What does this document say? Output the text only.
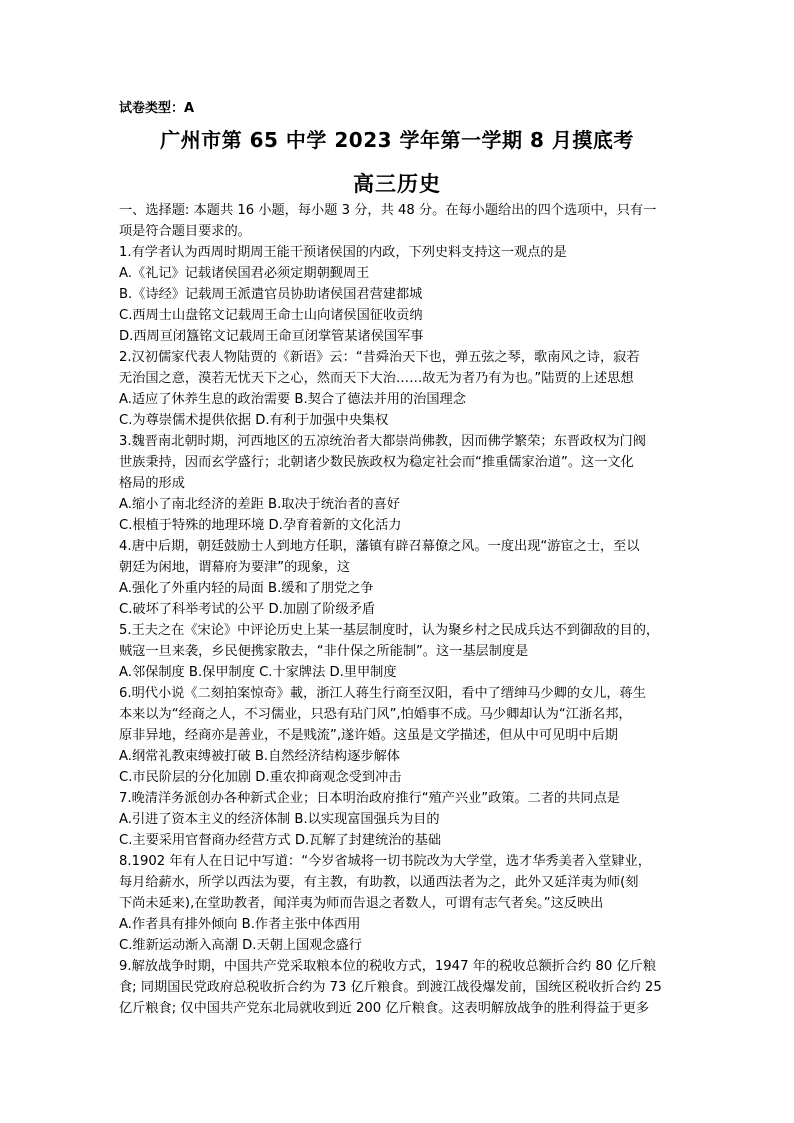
试卷类型：A
广州市第 65 中学 2023 学年第一学期 8 月摸底考
高三历史
一、选择题: 本题共 16 小题，每小题 3 分，共 48 分。在每小题给出的四个选项中，只有一
项是符合题目要求的。
1.有学者认为西周时期周王能干预诸侯国的内政，下列史料支持这一观点的是
A.《礼记》记载诸侯国君必须定期朝觐周王
B.《诗经》记载周王派遣官员协助诸侯国君营建都城
C.西周士山盘铭文记载周王命士山向诸侯国征收贡纳
D.西周亘闭簋铭文记载周王命亘闭掌管某诸侯国军事
2.汉初儒家代表人物陆贾的《新语》云：“昔舜治天下也，弹五弦之琴，歌南风之诗，寂若
无治国之意，漠若无忧天下之心，然而天下大治……故无为者乃有为也。”陆贾的上述思想
A.适应了休养生息的政治需要 B.契合了德法并用的治国理念
C.为尊崇儒术提供依据 D.有利于加强中央集权
3.魏晋南北朝时期，河西地区的五凉统治者大都崇尚佛教，因而佛学繁荣；东晋政权为门阀
世族秉持，因而玄学盛行；北朝诸少数民族政权为稳定社会而“推重儒家治道”。这一文化
格局的形成
A.缩小了南北经济的差距 B.取决于统治者的喜好
C.根植于特殊的地理环境 D.孕育着新的文化活力
4.唐中后期，朝廷鼓励士人到地方任职，藩镇有辟召幕僚之风。一度出现“游宦之士，至以
朝廷为闲地，谓幕府为要津”的现象，这
A.强化了外重内轻的局面 B.缓和了朋党之争
C.破坏了科举考试的公平 D.加剧了阶级矛盾
5.王夫之在《宋论》中评论历史上某一基层制度时，认为聚乡村之民成兵达不到御敌的目的，
贼寇一旦来袭，乡民便携家散去，“非什保之所能制”。这一基层制度是
A.邻保制度 B.保甲制度 C.十家牌法 D.里甲制度
6.明代小说《二刻拍案惊奇》載，浙江人蒋生行商至汉阳，看中了缙绅马少卿的女儿，蒋生
本来以为“经商之人，不习儒业，只恐有玷门风”,怕婚事不成。马少卿却认为“江浙名邦，
原非异地，经商亦是善业，不是贱流”,遂许婚。这虽是文学描述，但从中可见明中后期
A.纲常礼教束缚被打破 B.自然经济结构逐步解体
C.市民阶层的分化加剧 D.重农抑商观念受到冲击
7.晚清洋务派创办各种新式企业；日本明治政府推行“殖产兴业”政策。二者的共同点是
A.引进了资本主义的经济体制 B.以实现富国强兵为目的
C.主要采用官督商办经营方式 D.瓦解了封建统治的基础
8.1902 年有人在日记中写道：“今岁省城将一切书院改为大学堂，选才华秀美者入堂肄业，
每月给薪水，所学以西法为要，有主教，有助教，以通西法者为之，此外又延洋夷为师(刻
下尚未延来),在堂助教者，闻洋夷为师而告退之者数人，可谓有志气者矣。”这反映出
A.作者具有排外倾向 B.作者主张中体西用
C.维新运动渐入高潮 D.天朝上国观念盛行
9.解放战争时期，中国共产党采取粮本位的税收方式，1947 年的税收总额折合约 80 亿斤粮
食; 同期国民党政府总税收折合约为 73 亿斤粮食。到渡江战役爆发前，国统区税收折合约 25
亿斤粮食; 仅中国共产党东北局就收到近 200 亿斤粮食。这表明解放战争的胜利得益于更多
